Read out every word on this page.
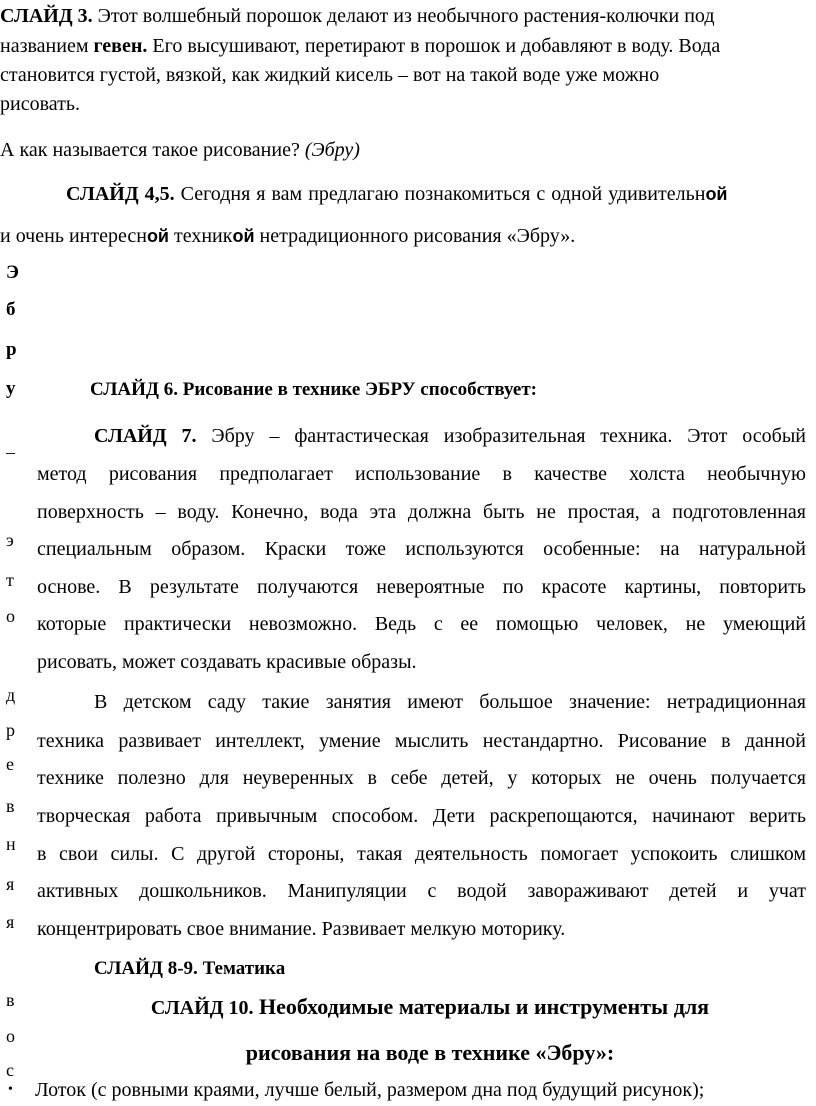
СЛАЙД 3. Этот волшебный порошок делают из необычного растения-колючки под
названием гевен. Его высушивают, перетирают в порошок и добавляют в воду. Вода
становится густой, вязкой, как жидкий кисель – вот на такой воде уже можно
рисовать.
А как называется такое рисование? (Эбру)
СЛАЙД 4,5. Сегодня я вам предлагаю познакомиться с одной удивительной
и очень интересной техникой нетрадиционного рисования «Эбру».
Э
б
р
у
–
э
т
о
д
р
е
в
н
я
я
в
о
с
СЛАЙД 6. Рисование в технике ЭБРУ способствует:
СЛАЙД 7. Эбру – фантастическая изобразительная техника. Этот особый
метод рисования предполагает использование в качестве холста необычную
поверхность – воду. Конечно, вода эта должна быть не простая, а подготовленная
специальным образом. Краски тоже используются особенные: на натуральной
основе. В результате получаются невероятные по красоте картины, повторить
которые практически невозможно. Ведь с ее помощью человек, не умеющий
рисовать, может создавать красивые образы.
В детском саду такие занятия имеют большое значение: нетрадиционная
техника развивает интеллект, умение мыслить нестандартно. Рисование в данной
технике полезно для неуверенных в себе детей, у которых не очень получается
творческая работа привычным способом. Дети раскрепощаются, начинают верить
в свои силы. С другой стороны, такая деятельность помогает успокоить слишком
активных дошкольников. Манипуляции с водой завораживают детей и учат
концентрировать свое внимание. Развивает мелкую моторику.
СЛАЙД 8-9. Тематика
СЛАЙД 10. Необходимые материалы и инструменты для
рисования на воде в технике «Эбру»:
• Лоток (с ровными краями, лучше белый, размером дна под будущий рисунок);
